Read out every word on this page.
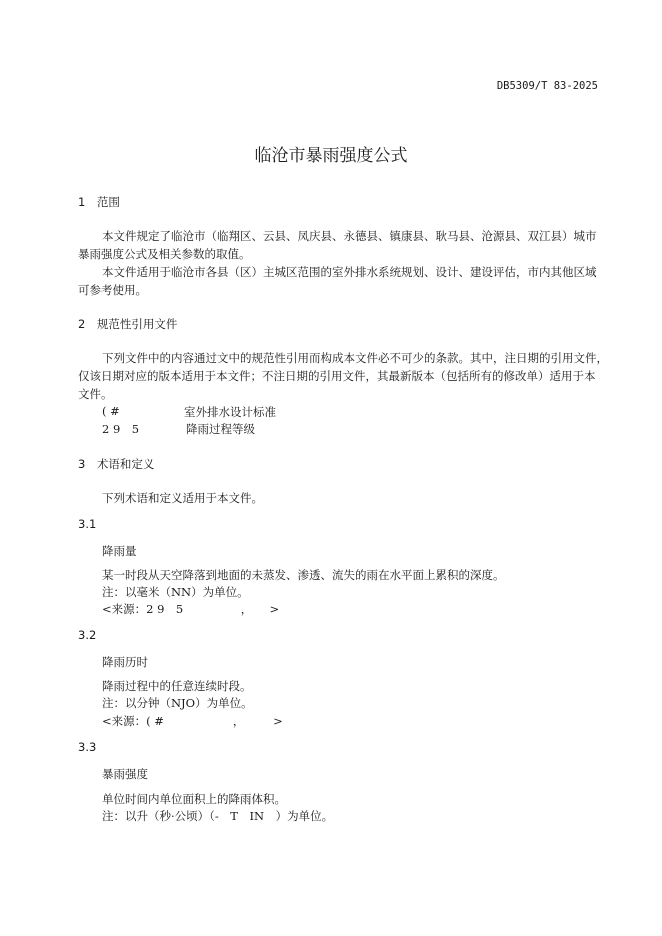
DB5309/T 83-2025
临沧市暴雨强度公式
1　范围
本文件规定了临沧市（临翔区、云县、凤庆县、永德县、镇康县、耿马县、沧源县、双江县）城市
暴雨强度公式及相关参数的取值。
本文件适用于临沧市各县（区）主城区范围的室外排水系统规划、设计、建设评估，市内其他区域
可参考使用。
2　规范性引用文件
下列文件中的内容通过文中的规范性引用而构成本文件必不可少的条款。其中，注日期的引用文件，
仅该日期对应的版本适用于本文件；不注日期的引用文件，其最新版本（包括所有的修改单）适用于本
文件。
( #	室外排水设计标准
2 9　5	降雨过程等级
3　术语和定义
下列术语和定义适用于本文件。
3.1
降雨量
某一时段从天空降落到地面的未蒸发、渗透、流失的雨在水平面上累积的深度。
注：以毫米（NN）为单位。
<来源：2 9　5　　　　　，　　>
3.2
降雨历时
降雨过程中的任意连续时段。
注：以分钟（NJO）为单位。
<来源：( #　　　　　　，　　　>
3.3
暴雨强度
单位时间内单位面积上的降雨体积。
注：以升（秒·公顷）（-　T　IN　）为单位。
